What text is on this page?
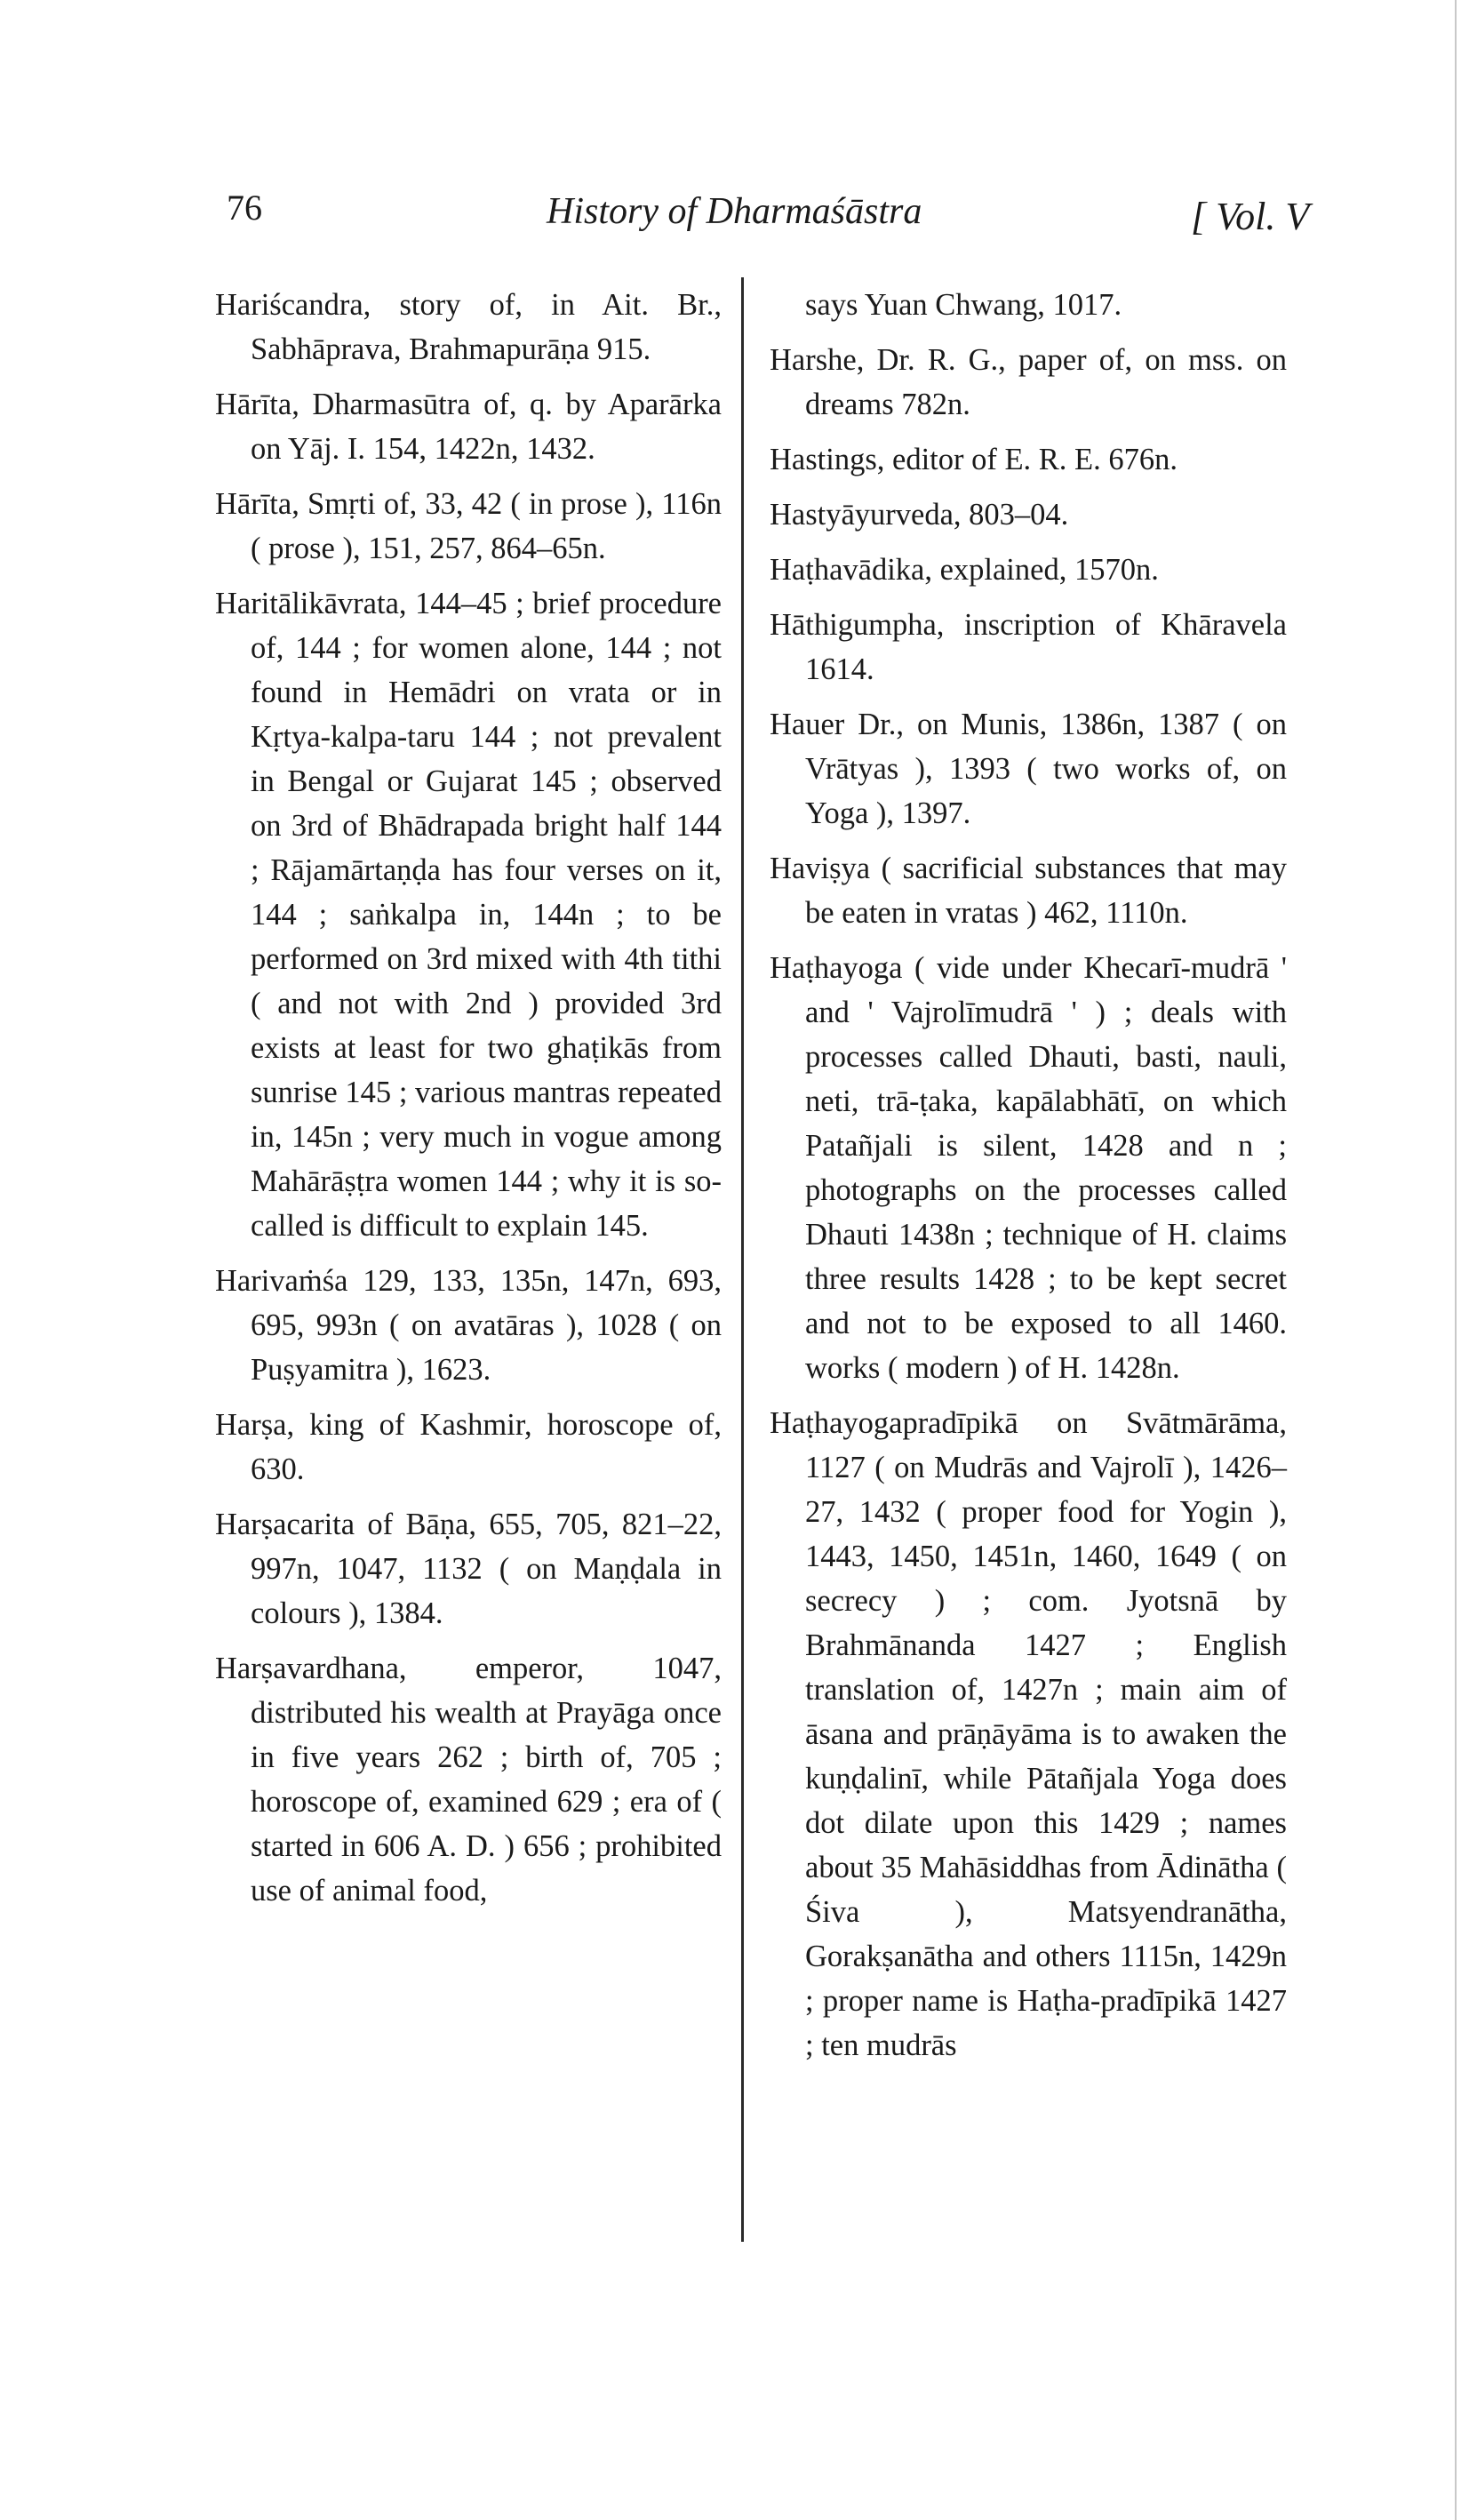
76	History of Dharmaśāstra	[ Vol. V

Hariścandra, story of, in Ait. Br., Sabhāprava, Brahmapurāṇa 915.

Hārīta, Dharmasūtra of, q. by Aparārka on Yāj. I. 154, 1422n, 1432.

Hārīta, Smṛti of, 33, 42 ( in prose ), 116n ( prose ), 151, 257, 864–65n.

Haritālikāvrata, 144–45 ; brief procedure of, 144 ; for women alone, 144 ; not found in Hemādri on vrata or in Kṛtya-kalpa-taru 144 ; not prevalent in Bengal or Gujarat 145 ; observed on 3rd of Bhādrapada bright half 144 ; Rājamārtaṇḍa has four verses on it, 144 ; saṅkalpa in, 144n ; to be performed on 3rd mixed with 4th tithi ( and not with 2nd ) provided 3rd exists at least for two ghaṭikās from sunrise 145 ; various mantras repeated in, 145n ; very much in vogue among Mahārāṣṭra women 144 ; why it is so-called is difficult to explain 145.

Harivaṁśa 129, 133, 135n, 147n, 693, 695, 993n ( on avatāras ), 1028 ( on Puṣyamitra ), 1623.

Harṣa, king of Kashmir, horoscope of, 630.

Harṣacarita of Bāṇa, 655, 705, 821–22, 997n, 1047, 1132 ( on Maṇḍala in colours ), 1384.

Harṣavardhana, emperor, 1047, distributed his wealth at Prayāga once in five years 262 ; birth of, 705 ; horoscope of, examined 629 ; era of ( started in 606 A. D. ) 656 ; prohibited use of animal food,

says Yuan Chwang, 1017.

Harshe, Dr. R. G., paper of, on mss. on dreams 782n.

Hastings, editor of E. R. E. 676n.

Hastyāyurveda, 803–04.

Haṭhavādika, explained, 1570n.

Hāthigumpha, inscription of Khāravela 1614.

Hauer Dr., on Munis, 1386n, 1387 ( on Vrātyas ), 1393 ( two works of, on Yoga ), 1397.

Haviṣya ( sacrificial substances that may be eaten in vratas ) 462, 1110n.

Haṭhayoga ( vide under Khecarī-mudrā ' and ' Vajrolīmudrā ' ) ; deals with processes called Dhauti, basti, nauli, neti, trā-ṭaka, kapālabhātī, on which Patañjali is silent, 1428 and n ; photographs on the processes called Dhauti 1438n ; technique of H. claims three results 1428 ; to be kept secret and not to be exposed to all 1460. works ( modern ) of H. 1428n.

Haṭhayogapradīpikā on Svātmārāma, 1127 ( on Mudrās and Vajrolī ), 1426–27, 1432 ( proper food for Yogin ), 1443, 1450, 1451n, 1460, 1649 ( on secrecy ) ; com. Jyotsnā by Brahmānanda 1427 ; English translation of, 1427n ; main aim of āsana and prāṇāyāma is to awaken the kuṇḍalinī, while Pātañjala Yoga does dot dilate upon this 1429 ; names about 35 Mahāsiddhas from Ādinātha ( Śiva ), Matsyendranātha, Gorakṣanātha and others 1115n, 1429n ; proper name is Haṭha-pradīpikā 1427 ; ten mudrās
